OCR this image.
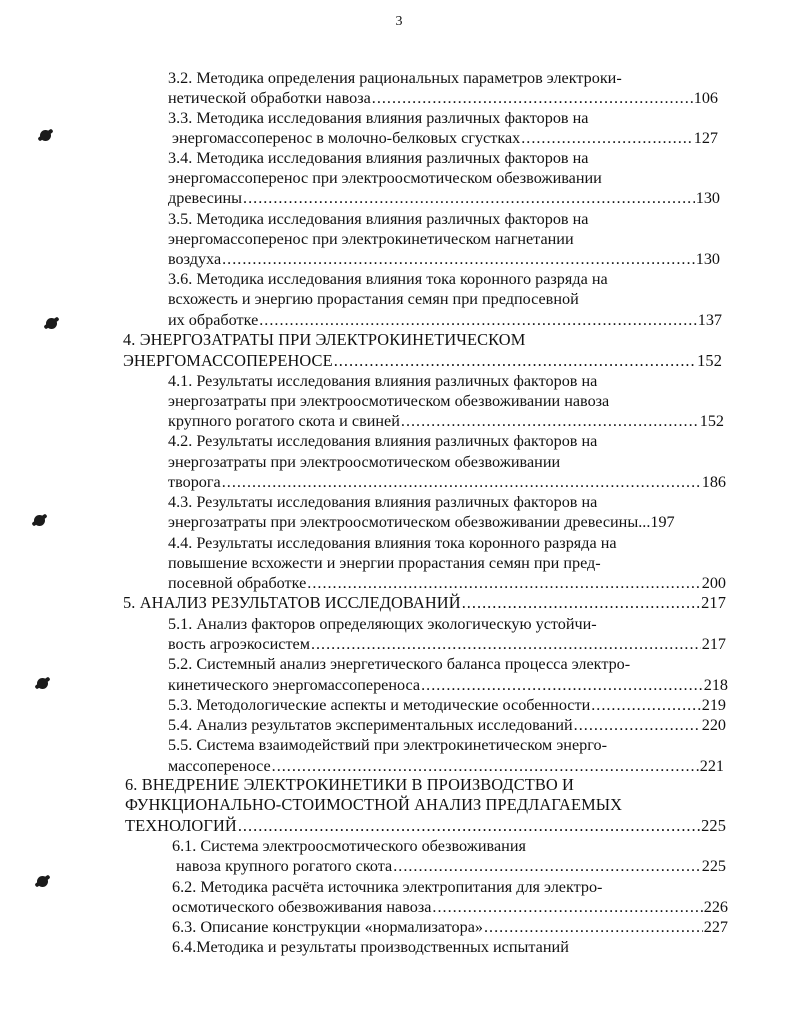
3
3.2. Методика определения рациональных параметров электроки-
нетической обработки навоза .....	106
3.3. Методика исследования влияния различных факторов на
энергомассоперенос в молочно-белковых сгустках .....	127
3.4. Методика исследования влияния различных факторов на
энергомассоперенос при электроосмотическом обезвоживании
древесины .....	130
3.5. Методика исследования влияния различных факторов на
энергомассоперенос при электрокинетическом нагнетании
воздуха .....	130
3.6. Методика исследования влияния тока коронного разряда на
всхожесть и энергию прорастания семян при предпосевной
их обработке .....	137
4. ЭНЕРГОЗАТРАТЫ ПРИ ЭЛЕКТРОКИНЕТИЧЕСКОМ
ЭНЕРГОМАССОПЕРЕНОСЕ .....	152
4.1. Результаты исследования влияния различных факторов на
энергозатраты при электроосмотическом обезвоживании навоза
крупного рогатого скота и свиней .....	152
4.2. Результаты исследования влияния различных факторов на
энергозатраты при электроосмотическом обезвоживании
творога .....	186
4.3. Результаты исследования влияния различных факторов на
энергозатраты при электроосмотическом обезвоживании древесины...197
4.4. Результаты исследования влияния тока коронного разряда на
повышение всхожести и энергии прорастания семян при пред-
посевной обработке .....	200
5. АНАЛИЗ РЕЗУЛЬТАТОВ ИССЛЕДОВАНИЙ .....	217
5.1. Анализ факторов определяющих экологическую устойчи-
вость агроэкосистем .....	217
5.2. Системный анализ энергетического баланса процесса электро-
кинетического энергомассопереноса .....	218
5.3. Методологические аспекты и методические особенности .....	219
5.4. Анализ результатов экспериментальных исследований .....	220
5.5. Система взаимодействий при электрокинетическом энерго-
массопереносе .....	221
6. ВНЕДРЕНИЕ ЭЛЕКТРОКИНЕТИКИ В ПРОИЗВОДСТВО И
ФУНКЦИОНАЛЬНО-СТОИМОСТНОЙ АНАЛИЗ ПРЕДЛАГАЕМЫХ
ТЕХНОЛОГИЙ .....	225
6.1. Система электроосмотического обезвоживания
навоза крупного рогатого скота .....	225
6.2. Методика расчёта источника электропитания для электро-
осмотического обезвоживания навоза .....	226
6.3. Описание конструкции «нормализатора» .....	227
6.4.Методика и результаты производственных испытаний
